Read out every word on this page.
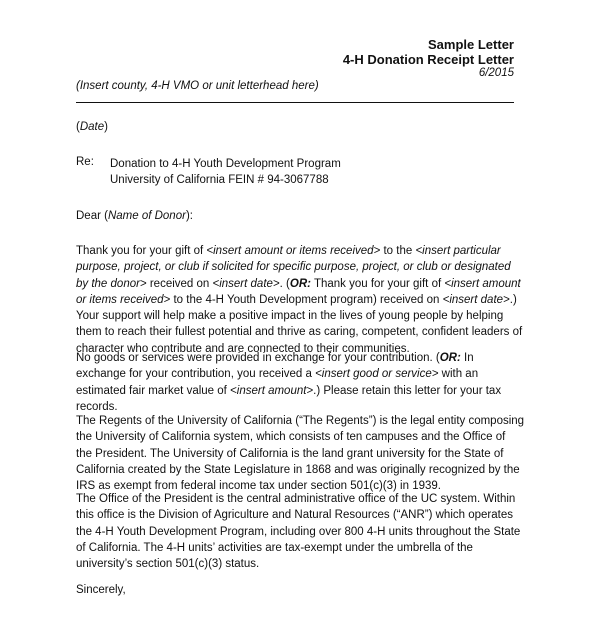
Sample Letter
4-H Donation Receipt Letter
6/2015
(Insert county, 4-H VMO or unit letterhead here)
(Date)
Re: Donation to 4-H Youth Development Program
University of California FEIN # 94-3067788
Dear (Name of Donor):
Thank you for your gift of <insert amount or items received> to the <insert particular
purpose, project, or club if solicited for specific purpose, project, or club or designated
by the donor> received on <insert date>. (OR: Thank you for your gift of <insert amount
or items received> to the 4-H Youth Development program) received on <insert date>.)
Your support will help make a positive impact in the lives of young people by helping
them to reach their fullest potential and thrive as caring, competent, confident leaders of
character who contribute and are connected to their communities.
No goods or services were provided in exchange for your contribution. (OR: In
exchange for your contribution, you received a <insert good or service> with an
estimated fair market value of <insert amount>.) Please retain this letter for your tax
records.
The Regents of the University of California (“The Regents”) is the legal entity composing
the University of California system, which consists of ten campuses and the Office of
the President. The University of California is the land grant university for the State of
California created by the State Legislature in 1868 and was originally recognized by the
IRS as exempt from federal income tax under section 501(c)(3) in 1939.
The Office of the President is the central administrative office of the UC system. Within
this office is the Division of Agriculture and Natural Resources (“ANR”) which operates
the 4-H Youth Development Program, including over 800 4-H units throughout the State
of California. The 4-H units’ activities are tax-exempt under the umbrella of the
university’s section 501(c)(3) status.
Sincerely,
